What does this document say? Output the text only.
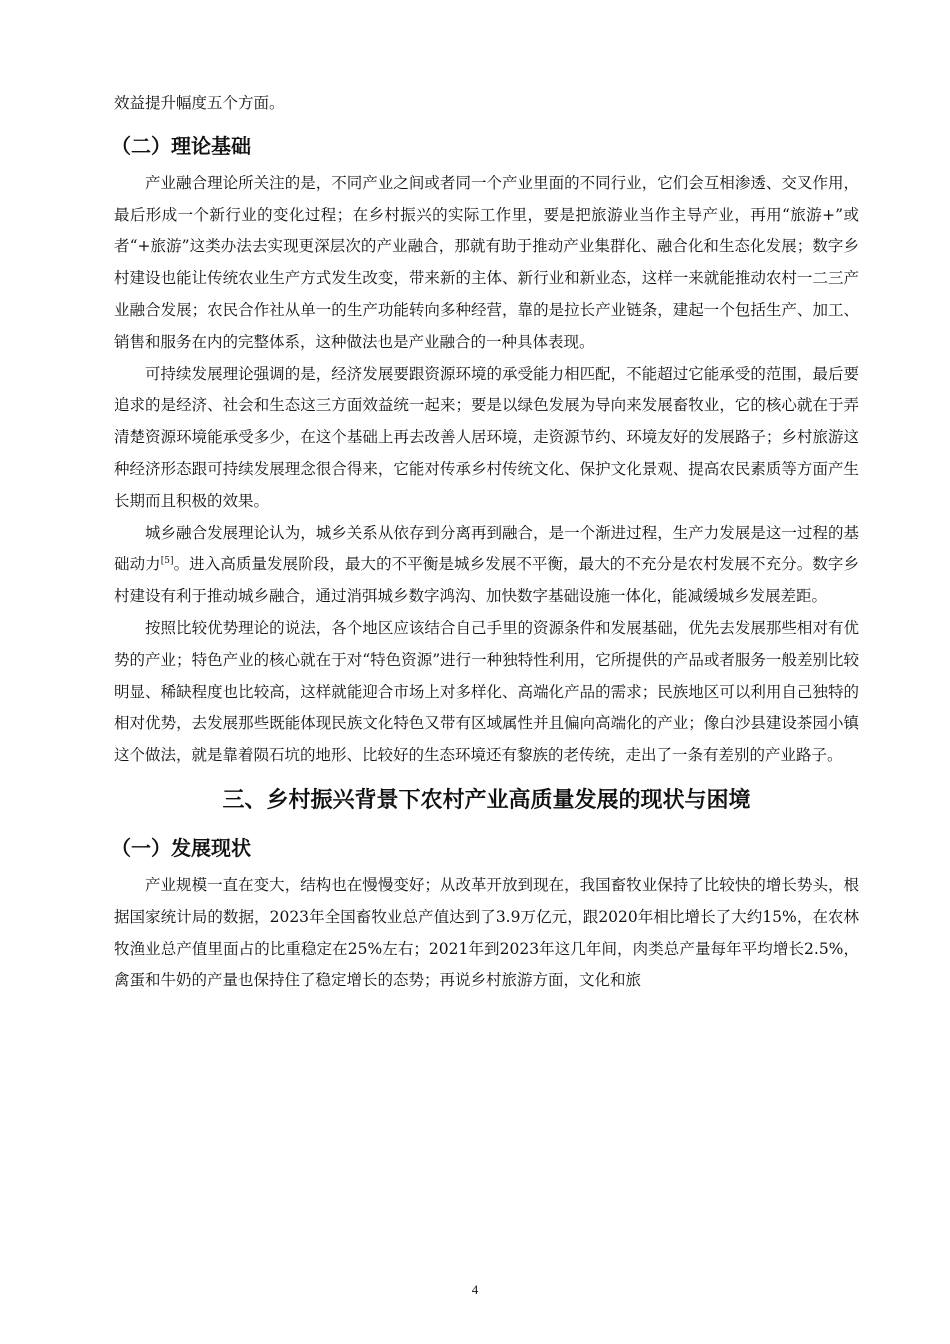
效益提升幅度五个方面。

（二）理论基础

产业融合理论所关注的是，不同产业之间或者同一个产业里面的不同行业，它们会互相渗透、交叉作用，最后形成一个新行业的变化过程；在乡村振兴的实际工作里，要是把旅游业当作主导产业，再用“旅游+”或者“+旅游”这类办法去实现更深层次的产业融合，那就有助于推动产业集群化、融合化和生态化发展；数字乡村建设也能让传统农业生产方式发生改变，带来新的主体、新行业和新业态，这样一来就能推动农村一二三产业融合发展；农民合作社从单一的生产功能转向多种经营，靠的是拉长产业链条，建起一个包括生产、加工、销售和服务在内的完整体系，这种做法也是产业融合的一种具体表现。

可持续发展理论强调的是，经济发展要跟资源环境的承受能力相匹配，不能超过它能承受的范围，最后要追求的是经济、社会和生态这三方面效益统一起来；要是以绿色发展为导向来发展畜牧业，它的核心就在于弄清楚资源环境能承受多少，在这个基础上再去改善人居环境，走资源节约、环境友好的发展路子；乡村旅游这种经济形态跟可持续发展理念很合得来，它能对传承乡村传统文化、保护文化景观、提高农民素质等方面产生长期而且积极的效果。

城乡融合发展理论认为，城乡关系从依存到分离再到融合，是一个渐进过程，生产力发展是这一过程的基础动力[5]。进入高质量发展阶段，最大的不平衡是城乡发展不平衡，最大的不充分是农村发展不充分。数字乡村建设有利于推动城乡融合，通过消弭城乡数字鸿沟、加快数字基础设施一体化，能减缓城乡发展差距。

按照比较优势理论的说法，各个地区应该结合自己手里的资源条件和发展基础，优先去发展那些相对有优势的产业；特色产业的核心就在于对“特色资源”进行一种独特性利用，它所提供的产品或者服务一般差别比较明显、稀缺程度也比较高，这样就能迎合市场上对多样化、高端化产品的需求；民族地区可以利用自己独特的相对优势，去发展那些既能体现民族文化特色又带有区域属性并且偏向高端化的产业；像白沙县建设茶园小镇这个做法，就是靠着陨石坑的地形、比较好的生态环境还有黎族的老传统，走出了一条有差别的产业路子。

三、乡村振兴背景下农村产业高质量发展的现状与困境
（一）发展现状

产业规模一直在变大，结构也在慢慢变好；从改革开放到现在，我国畜牧业保持了比较快的增长势头，根据国家统计局的数据，2023年全国畜牧业总产值达到了3.9万亿元，跟2020年相比增长了大约15%，在农林牧渔业总产值里面占的比重稳定在25%左右；2021年到2023年这几年间，肉类总产量每年平均增长2.5%，禽蛋和牛奶的产量也保持住了稳定增长的态势；再说乡村旅游方面，文化和旅

4
